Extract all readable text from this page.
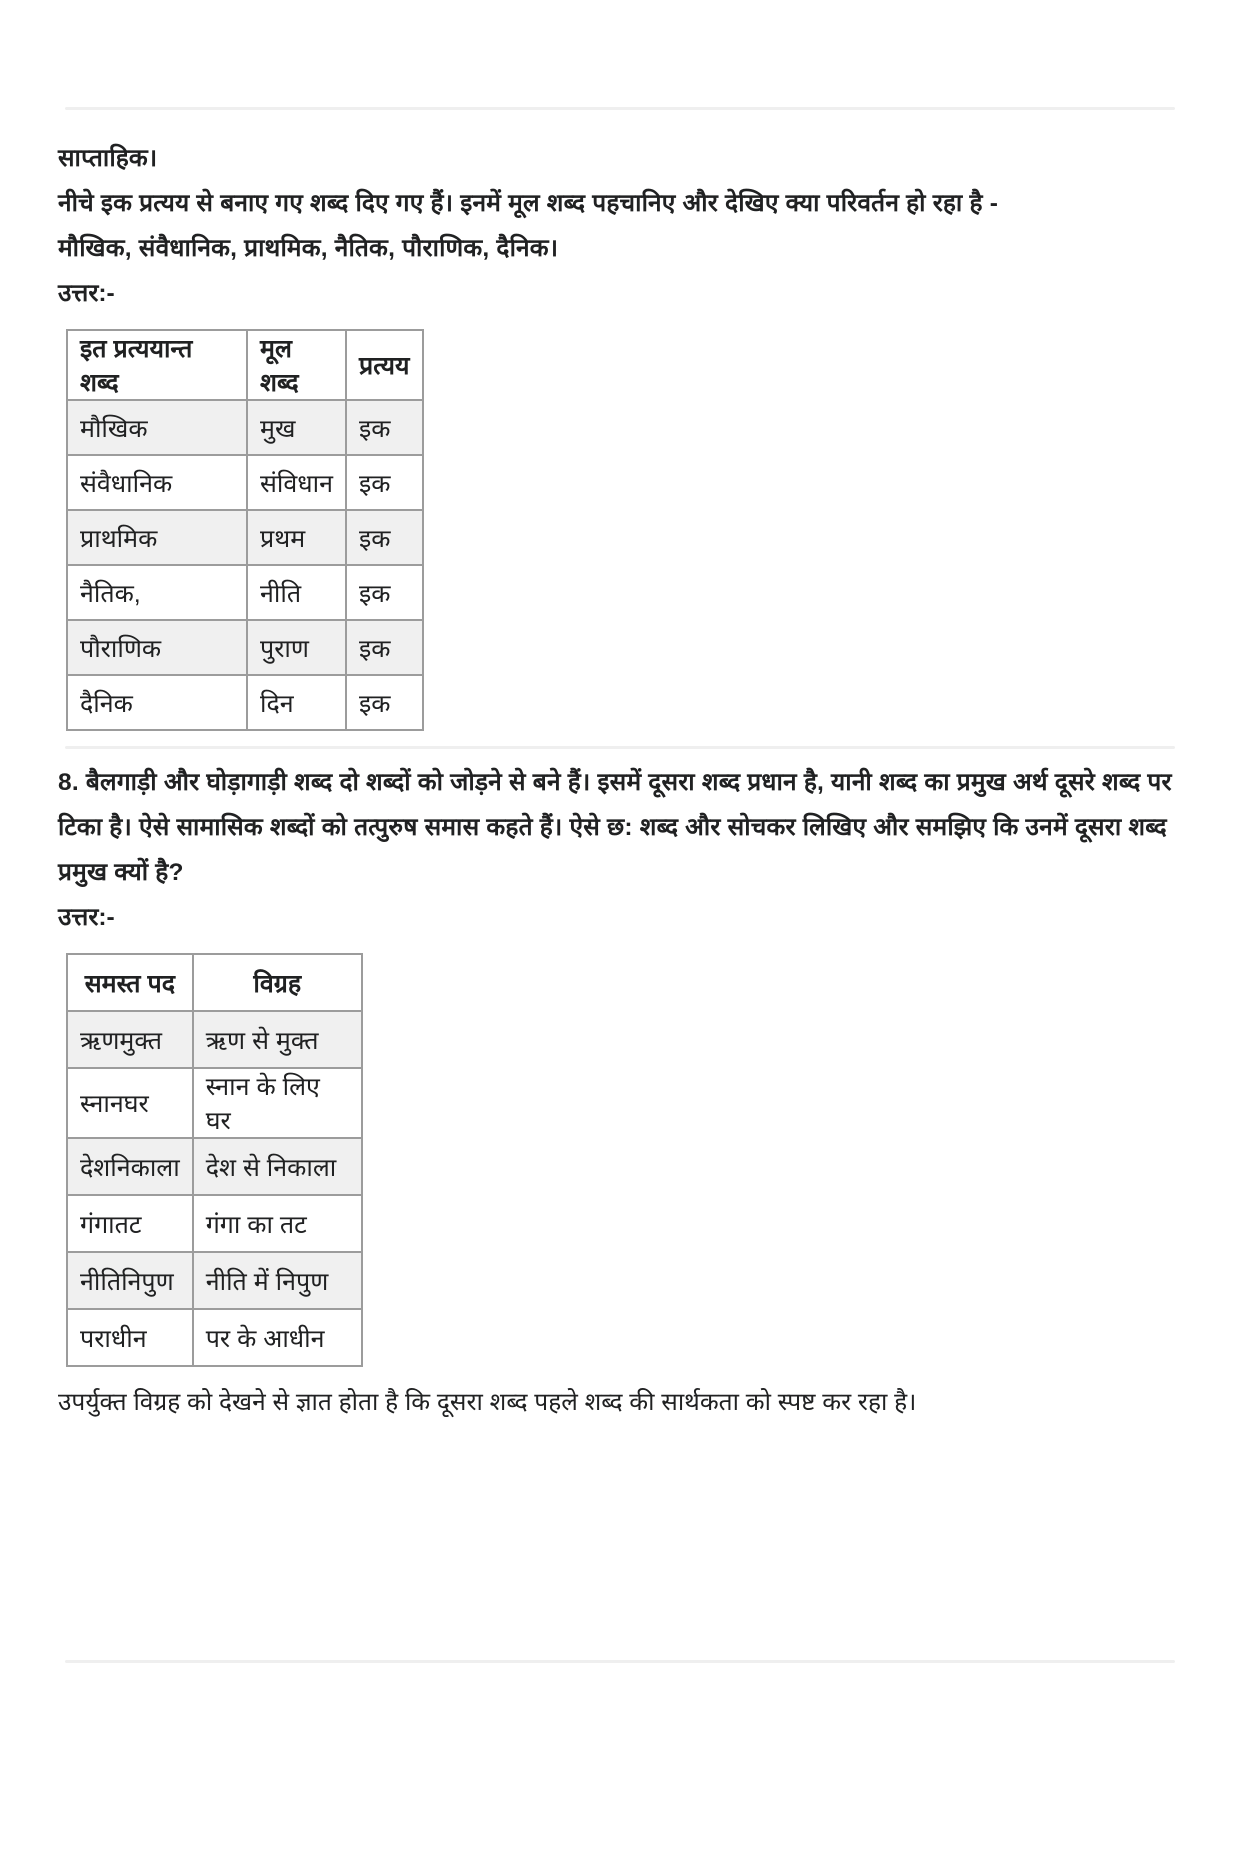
साप्ताहिक।
नीचे इक प्रत्यय से बनाए गए शब्द दिए गए हैं। इनमें मूल शब्द पहचानिए और देखिए क्या परिवर्तन हो रहा है -
मौखिक, संवैधानिक, प्राथमिक, नैतिक, पौराणिक, दैनिक।
उत्तर:-
इत प्रत्ययान्त शब्द	मूल शब्द	प्रत्यय
मौखिक	मुख	इक
संवैधानिक	संविधान	इक
प्राथमिक	प्रथम	इक
नैतिक,	नीति	इक
पौराणिक	पुराण	इक
दैनिक	दिन	इक
8. बैलगाड़ी और घोड़ागाड़ी शब्द दो शब्दों को जोड़ने से बने हैं। इसमें दूसरा शब्द प्रधान है, यानी शब्द का प्रमुख अर्थ दूसरे शब्द पर टिका है। ऐसे सामासिक शब्दों को तत्पुरुष समास कहते हैं। ऐसे छ: शब्द और सोचकर लिखिए और समझिए कि उनमें दूसरा शब्द प्रमुख क्यों है?
उत्तर:-
समस्त पद	विग्रह
ऋणमुक्त	ऋण से मुक्त
स्नानघर	स्नान के लिए घर
देशनिकाला	देश से निकाला
गंगातट	गंगा का तट
नीतिनिपुण	नीति में निपुण
पराधीन	पर के आधीन
उपर्युक्त विग्रह को देखने से ज्ञात होता है कि दूसरा शब्द पहले शब्द की सार्थकता को स्पष्ट कर रहा है।
